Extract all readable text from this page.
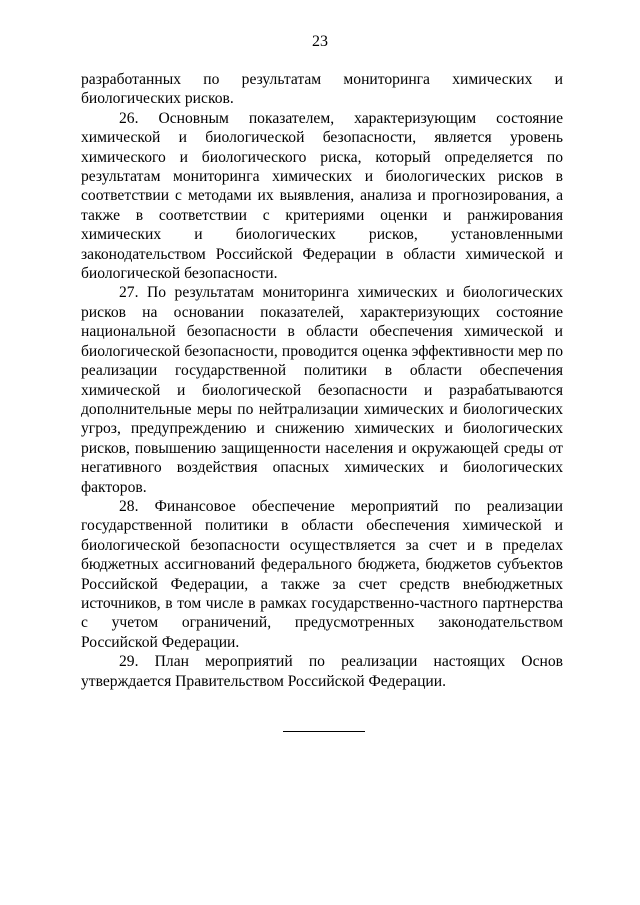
23

разработанных по результатам мониторинга химических и биологических рисков.

26. Основным показателем, характеризующим состояние химической и биологической безопасности, является уровень химического и биологического риска, который определяется по результатам мониторинга химических и биологических рисков в соответствии с методами их выявления, анализа и прогнозирования, а также в соответствии с критериями оценки и ранжирования химических и биологических рисков, установленными законодательством Российской Федерации в области химической и биологической безопасности.

27. По результатам мониторинга химических и биологических рисков на основании показателей, характеризующих состояние национальной безопасности в области обеспечения химической и биологической безопасности, проводится оценка эффективности мер по реализации государственной политики в области обеспечения химической и биологической безопасности и разрабатываются дополнительные меры по нейтрализации химических и биологических угроз, предупреждению и снижению химических и биологических рисков, повышению защищенности населения и окружающей среды от негативного воздействия опасных химических и биологических факторов.

28. Финансовое обеспечение мероприятий по реализации государственной политики в области обеспечения химической и биологической безопасности осуществляется за счет и в пределах бюджетных ассигнований федерального бюджета, бюджетов субъектов Российской Федерации, а также за счет средств внебюджетных источников, в том числе в рамках государственно-частного партнерства с учетом ограничений, предусмотренных законодательством Российской Федерации.

29. План мероприятий по реализации настоящих Основ утверждается Правительством Российской Федерации.
